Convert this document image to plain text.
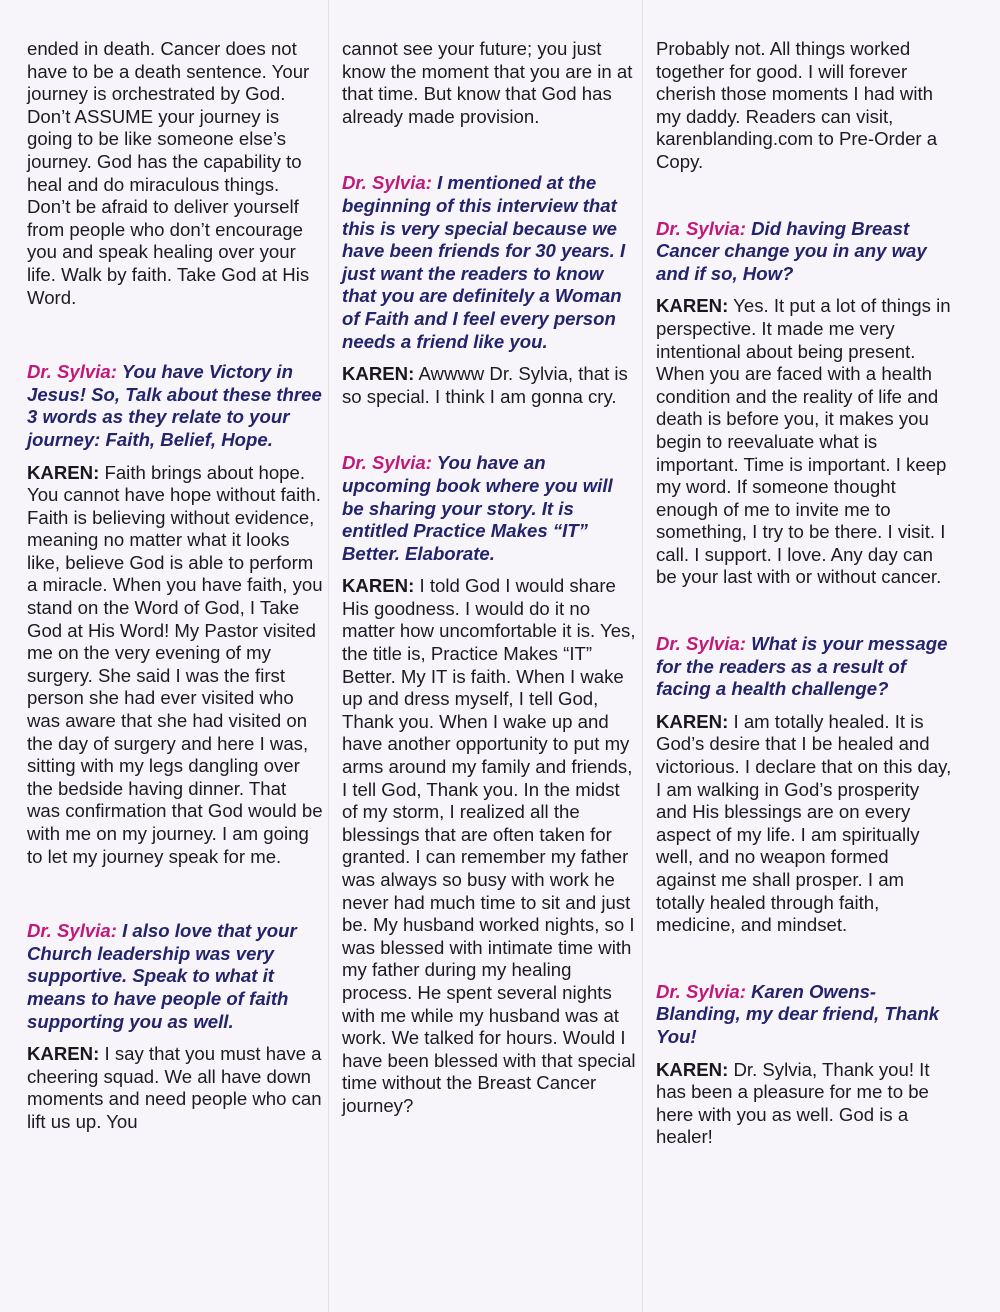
ended in death. Cancer does not have to be a death sentence. Your journey is orchestrated by God. Don’t ASSUME your journey is going to be like someone else’s journey. God has the capability to heal and do miraculous things. Don’t be afraid to deliver yourself from people who don’t encourage you and speak healing over your life. Walk by faith. Take God at His Word.

Dr. Sylvia: You have Victory in Jesus! So, Talk about these three 3 words as they relate to your journey: Faith, Belief, Hope.

KAREN: Faith brings about hope. You cannot have hope without faith. Faith is believing without evidence, meaning no matter what it looks like, believe God is able to perform a miracle. When you have faith, you stand on the Word of God, I Take God at His Word! My Pastor visited me on the very evening of my surgery. She said I was the first person she had ever visited who was aware that she had visited on the day of surgery and here I was, sitting with my legs dangling over the bedside having dinner. That was confirmation that God would be with me on my journey. I am going to let my journey speak for me.

Dr. Sylvia: I also love that your Church leadership was very supportive. Speak to what it means to have people of faith supporting you as well.

KAREN: I say that you must have a cheering squad. We all have down moments and need people who can lift us up. You

cannot see your future; you just know the moment that you are in at that time. But know that God has already made provision.

Dr. Sylvia: I mentioned at the beginning of this interview that this is very special because we have been friends for 30 years. I just want the readers to know that you are definitely a Woman of Faith and I feel every person needs a friend like you.

KAREN: Awwww Dr. Sylvia, that is so special. I think I am gonna cry.

Dr. Sylvia: You have an upcoming book where you will be sharing your story. It is entitled Practice Makes “IT” Better. Elaborate.

KAREN: I told God I would share His goodness. I would do it no matter how uncomfortable it is. Yes, the title is, Practice Makes “IT” Better. My IT is faith. When I wake up and dress myself, I tell God, Thank you. When I wake up and have another opportunity to put my arms around my family and friends, I tell God, Thank you. In the midst of my storm, I realized all the blessings that are often taken for granted. I can remember my father was always so busy with work he never had much time to sit and just be. My husband worked nights, so I was blessed with intimate time with my father during my healing process. He spent several nights with me while my husband was at work. We talked for hours. Would I have been blessed with that special time without the Breast Cancer journey?

Probably not. All things worked together for good. I will forever cherish those moments I had with my daddy. Readers can visit, karenblanding.com to Pre-Order a Copy.

Dr. Sylvia: Did having Breast Cancer change you in any way and if so, How?

KAREN: Yes. It put a lot of things in perspective. It made me very intentional about being present. When you are faced with a health condition and the reality of life and death is before you, it makes you begin to reevaluate what is important. Time is important. I keep my word. If someone thought enough of me to invite me to something, I try to be there. I visit. I call. I support. I love. Any day can be your last with or without cancer.

Dr. Sylvia: What is your message for the readers as a result of facing a health challenge?

KAREN: I am totally healed. It is God’s desire that I be healed and victorious. I declare that on this day, I am walking in God’s prosperity and His blessings are on every aspect of my life. I am spiritually well, and no weapon formed against me shall prosper. I am totally healed through faith, medicine, and mindset.

Dr. Sylvia: Karen Owens-Blanding, my dear friend, Thank You!

KAREN: Dr. Sylvia, Thank you! It has been a pleasure for me to be here with you as well. God is a healer!
